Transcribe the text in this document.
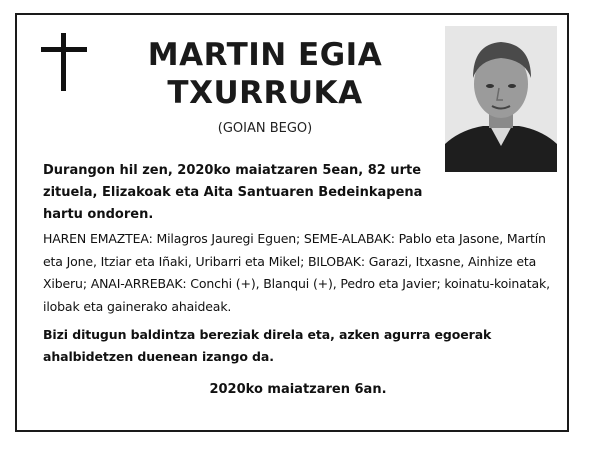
MARTIN EGIA
TXURRUKA
(GOIAN BEGO)
Durangon hil zen, 2020ko maiatzaren 5ean, 82 urte zituela, Elizakoak eta Aita Santuaren Bedeinkapena hartu ondoren.
HAREN EMAZTEA: Milagros Jauregi Eguen; SEME-ALABAK: Pablo eta Jasone, Martín eta Jone, Itziar eta Iñaki, Uribarri eta Mikel; BILOBAK: Garazi, Itxasne, Ainhize eta Xiberu; ANAI-ARREBAK: Conchi (+), Blanqui (+), Pedro eta Javier; koinatu-koinatak, ilobak eta gainerako ahaideak.
Bizi ditugun baldintza bereziak direla eta, azken agurra egoerak ahalbidetzen duenean izango da.
2020ko maiatzaren 6an.
